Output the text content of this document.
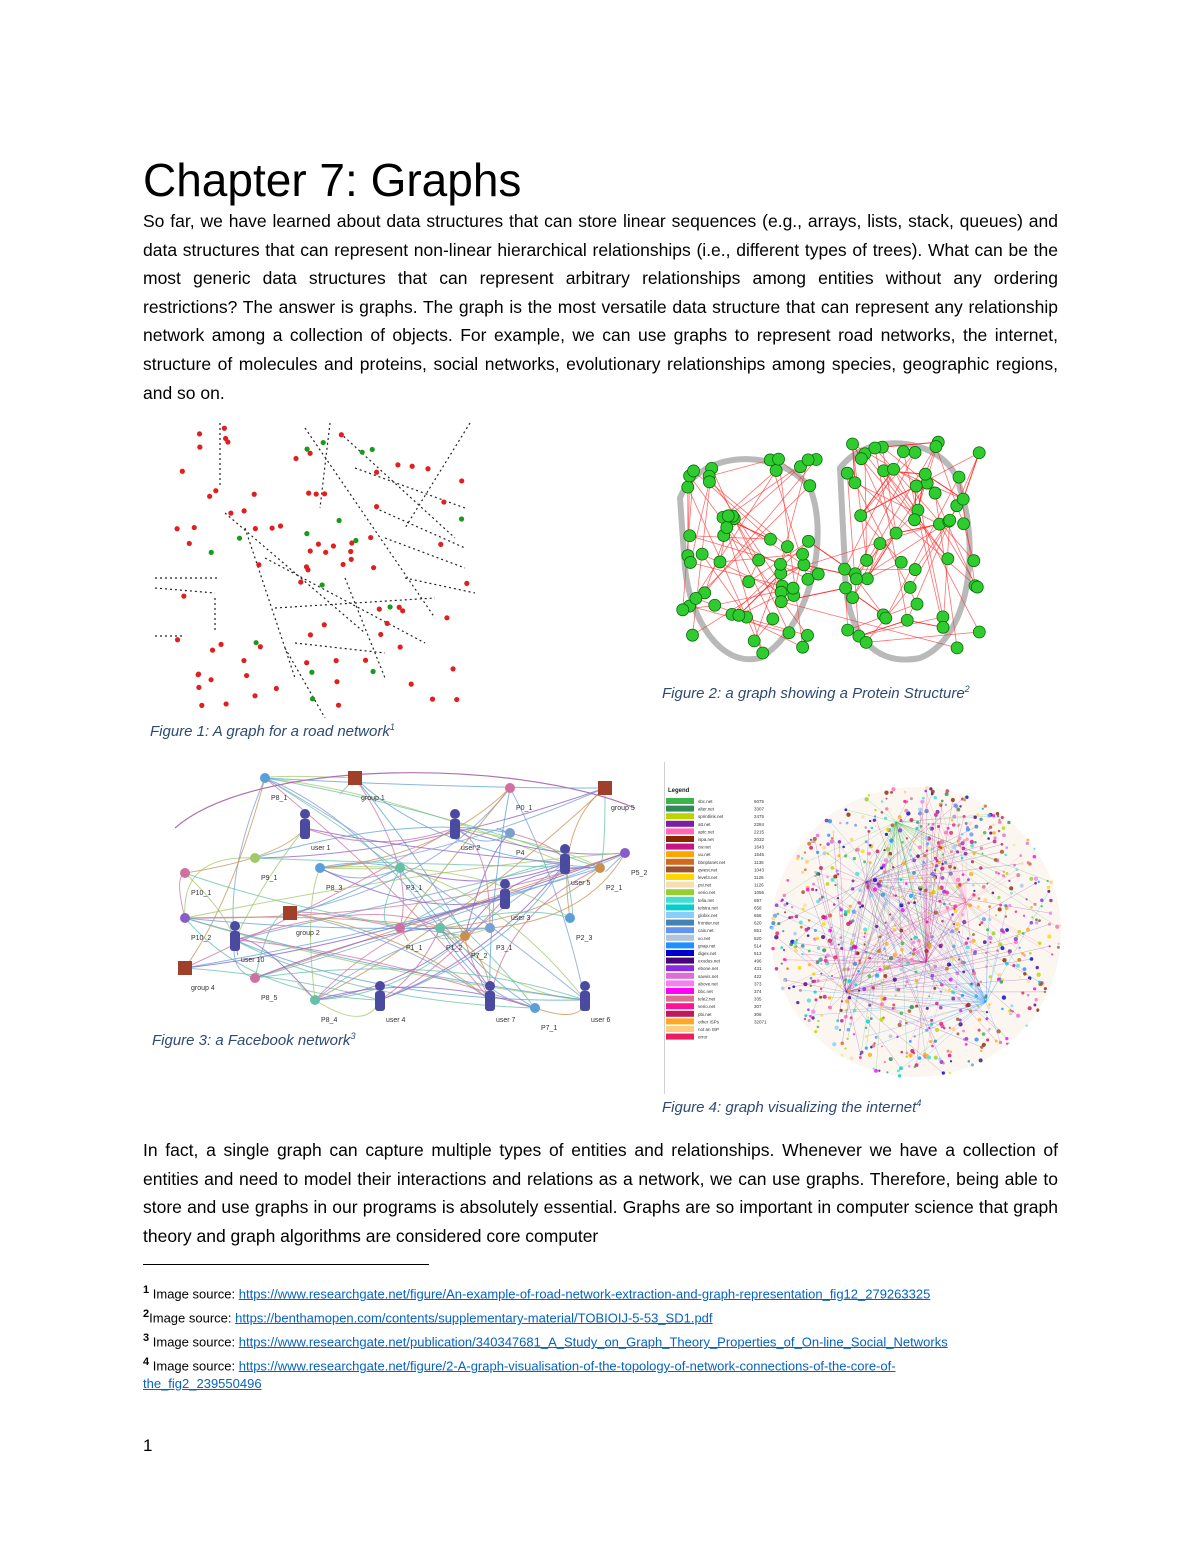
Chapter 7: Graphs

So far, we have learned about data structures that can store linear sequences (e.g., arrays, lists, stack, queues) and data structures that can represent non-linear hierarchical relationships (i.e., different types of trees). What can be the most generic data structures that can represent arbitrary relationships among entities without any ordering restrictions? The answer is graphs. The graph is the most versatile data structure that can represent any relationship network among a collection of objects. For example, we can use graphs to represent road networks, the internet, structure of molecules and proteins, social networks, evolutionary relationships among species, geographic regions, and so on.

Figure 1: A graph for a road network$^1$
Figure 2: a graph showing a Protein Structure$^2$
P8_1	group 1
group 5
P0_1
user 1	user 2
P4
user 5
P5_2
P9_1
P10_1
P3_1	P2_1
user 3
P8_3
P10_2
group 2
P1_1	P1_2
P7_2
P3_1
P2_3
user 10
group 4
P8_5
P8_4	user 4	user 7
P7_1
user 6
Figure 3: a Facebook network$^3$
Legend
sbc.net	6075
alter.net	3307
sprintlink.net	2475
att.net	2284
aptc.net	2215
ispa.net	2032
cw.net	1643
uu.net	1545
bbnplanet.net	1136
qwest.net	1043
level3.net	1126
psi.net	1126
verio.net	1056
telia.net	697
telstra.net	658
globix.net	656
frontier.net	620
cais.net	551
xo.net	520
gnap.net	514
digex.net	513
exodus.net	496
ebone.net	431
savvis.net	422
above.net	373
bbc.net	374
tele2.net	335
verio.net	307
pbi.net	306
other ISPs	32071
not an ISP
error
Figure 4: graph visualizing the internet$^4$

In fact, a single graph can capture multiple types of entities and relationships. Whenever we have a collection of entities and need to model their interactions and relations as a network, we can use graphs. Therefore, being able to store and use graphs in our programs is absolutely essential. Graphs are so important in computer science that graph theory and graph algorithms are considered core computer

$^1$ Image source: https://www.researchgate.net/figure/An-example-of-road-network-extraction-and-graph-representation_fig12_279263325
$^2$Image source: https://benthamopen.com/contents/supplementary-material/TOBIOIJ-5-53_SD1.pdf
$^3$ Image source: https://www.researchgate.net/publication/340347681_A_Study_on_Graph_Theory_Properties_of_On-line_Social_Networks
$^4$ Image source: https://www.researchgate.net/figure/2-A-graph-visualisation-of-the-topology-of-network-connections-of-the-core-of-
the_fig2_239550496
1
